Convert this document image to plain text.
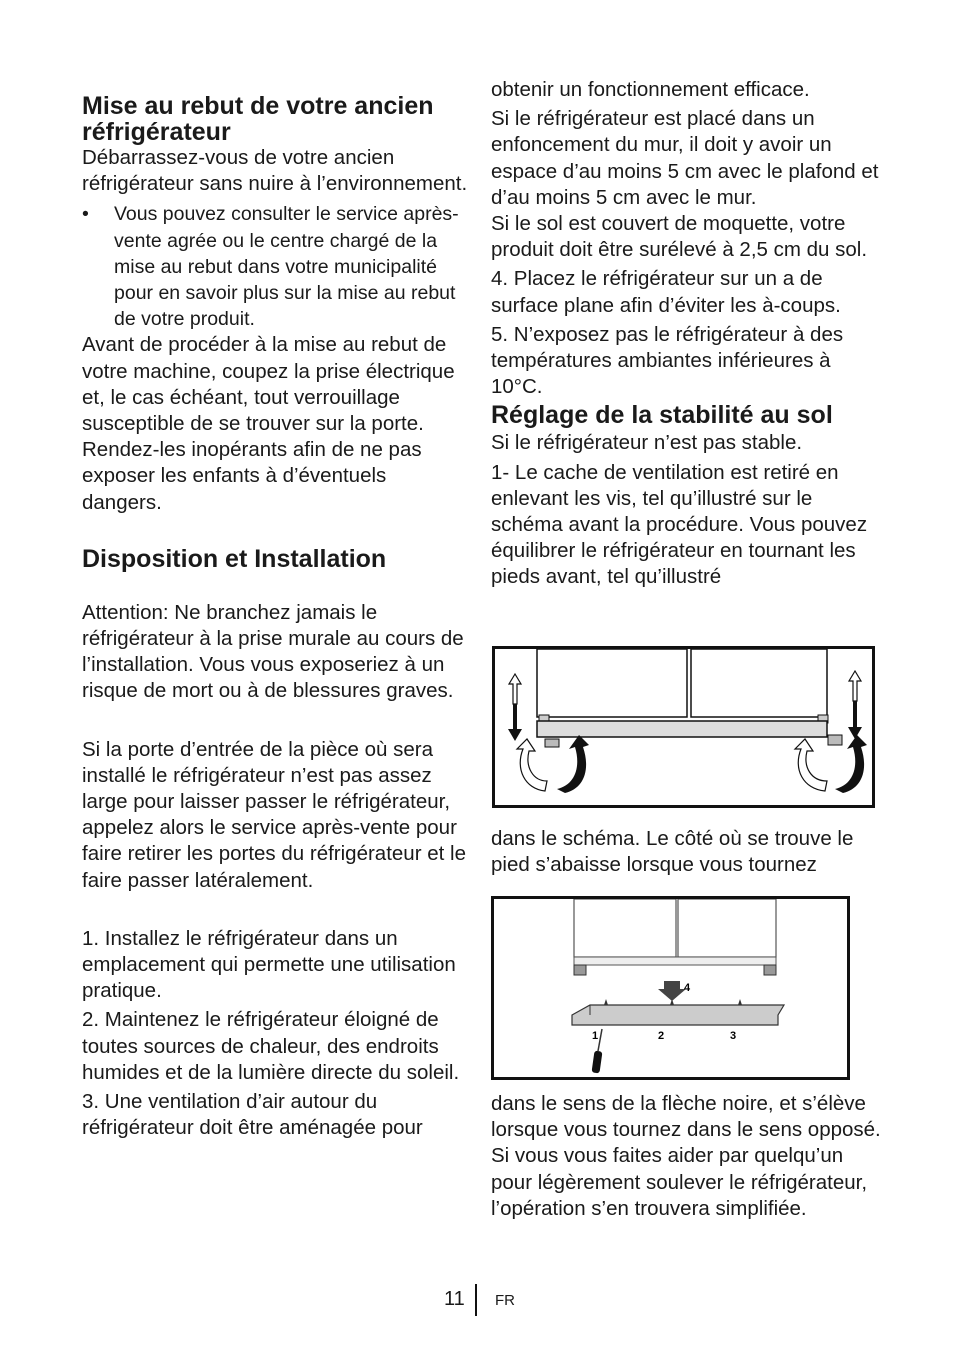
Mise au rebut de votre ancien réfrigérateur

Débarrassez-vous de votre ancien réfrigérateur sans nuire à l’environnement.

•	Vous pouvez consulter le service après-vente agrée ou le centre chargé de la mise au rebut dans votre municipalité pour en savoir plus sur la mise au rebut de votre produit.

Avant de procéder à la mise au rebut de votre machine, coupez la prise électrique et, le cas échéant, tout verrouillage susceptible de se trouver sur la porte. Rendez-les inopérants afin de ne pas exposer les enfants à d’éventuels dangers.

Disposition et Installation

Attention: Ne branchez jamais le réfrigérateur à la prise murale au cours de l’installation. Vous vous exposeriez à un risque de mort ou à de blessures graves.

Si la porte d’entrée de la pièce où sera installé le réfrigérateur n’est pas assez large pour laisser passer le réfrigérateur, appelez alors le service après-vente pour faire retirer les portes du réfrigérateur et le faire passer latéralement.

1. Installez le réfrigérateur dans un emplacement qui permette une utilisation pratique.

2. Maintenez le réfrigérateur éloigné de toutes sources de chaleur, des endroits humides et de la lumière directe du soleil.

3. Une ventilation d’air autour du réfrigérateur doit être aménagée pour

obtenir un fonctionnement efficace.

Si le réfrigérateur est placé dans un enfoncement du mur, il doit y avoir un espace d’au moins 5 cm avec le plafond et d’au moins 5 cm avec le mur.

Si le sol est couvert de moquette, votre produit doit être surélevé à 2,5 cm du sol.

4. Placez le réfrigérateur sur un a de surface plane afin d’éviter les à-coups.

5. N’exposez pas le réfrigérateur à des températures ambiantes inférieures à 10°C.

Réglage de la stabilité au sol

Si le réfrigérateur n’est pas stable.

1- Le cache de ventilation est retiré en enlevant les vis, tel qu’illustré sur le schéma avant la procédure. Vous pouvez équilibrer le réfrigérateur en tournant les pieds avant, tel qu’illustré

dans le schéma. Le côté où se trouve le pied s’abaisse lorsque vous tournez

dans le sens de la flèche noire, et s’élève lorsque vous tournez dans le sens opposé. Si vous vous faites aider par quelqu’un pour légèrement soulever le réfrigérateur, l’opération s’en trouvera simplifiée.

4
1	2	3
11 FR
